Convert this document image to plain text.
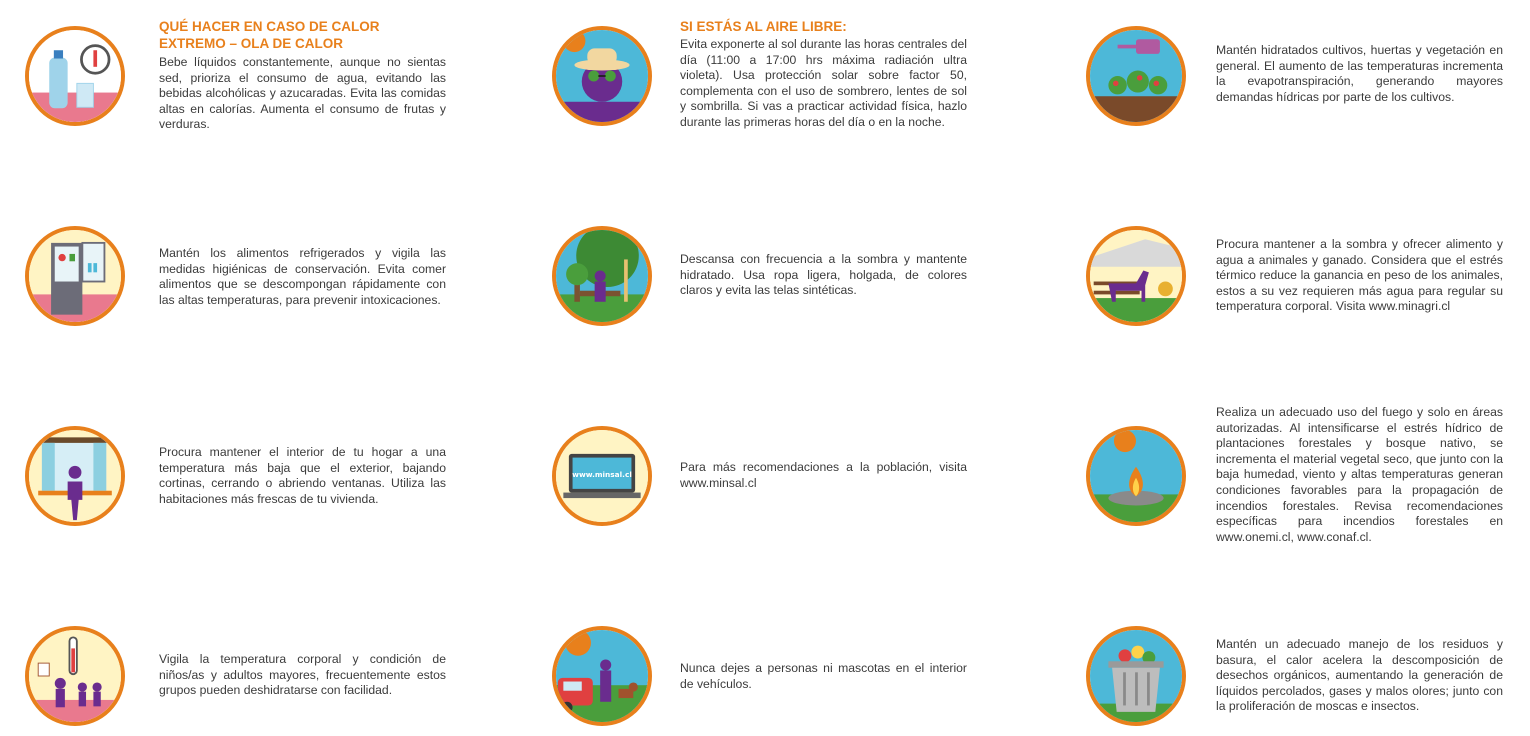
QUÉ HACER EN CASO DE CALOR EXTREMO – OLA DE CALOR
Bebe líquidos constantemente, aunque no sientas sed, prioriza el consumo de agua, evitando las bebidas alcohólicas y azucaradas. Evita las comidas altas en calorías. Aumenta el consumo de frutas y verduras.
Mantén los alimentos refrigerados y vigila las medidas higiénicas de conservación. Evita comer alimentos que se descompongan rápidamente con las altas temperaturas, para prevenir intoxicaciones.
Procura mantener el interior de tu hogar a una temperatura más baja que el exterior, bajando cortinas, cerrando o abriendo ventanas. Utiliza las habitaciones más frescas de tu vivienda.
Vigila la temperatura corporal y condición de niños/as y adultos mayores, frecuentemente estos grupos pueden deshidratarse con facilidad.
SI ESTÁS AL AIRE LIBRE:
Evita exponerte al sol durante las horas centrales del día (11:00 a 17:00 hrs máxima radiación ultra violeta). Usa protección solar sobre factor 50, complementa con el uso de sombrero, lentes de sol y sombrilla. Si vas a practicar actividad física, hazlo durante las primeras horas del día o en la noche.
Descansa con frecuencia a la sombra y mantente hidratado. Usa ropa ligera, holgada, de colores claros y evita las telas sintéticas.
www.minsal.cl
Para más recomendaciones a la población, visita www.minsal.cl
Nunca dejes a personas ni mascotas en el interior de vehículos.
Mantén hidratados cultivos, huertas y vegetación en general. El aumento de las temperaturas incrementa la evapotranspiración, generando mayores demandas hídricas por parte de los cultivos.
Procura mantener a la sombra y ofrecer alimento y agua a animales y ganado. Considera que el estrés térmico reduce la ganancia en peso de los animales, estos a su vez requieren más agua para regular su temperatura corporal. Visita www.minagri.cl
Realiza un adecuado uso del fuego y solo en áreas autorizadas. Al intensificarse el estrés hídrico de plantaciones forestales y bosque nativo, se incrementa el material vegetal seco, que junto con la baja humedad, viento y altas temperaturas generan condiciones favorables para la propagación de incendios forestales. Revisa recomendaciones específicas para incendios forestales en www.onemi.cl, www.conaf.cl.
Mantén un adecuado manejo de los residuos y basura, el calor acelera la descomposición de desechos orgánicos, aumentando la generación de líquidos percolados, gases y malos olores; junto con la proliferación de moscas e insectos.
